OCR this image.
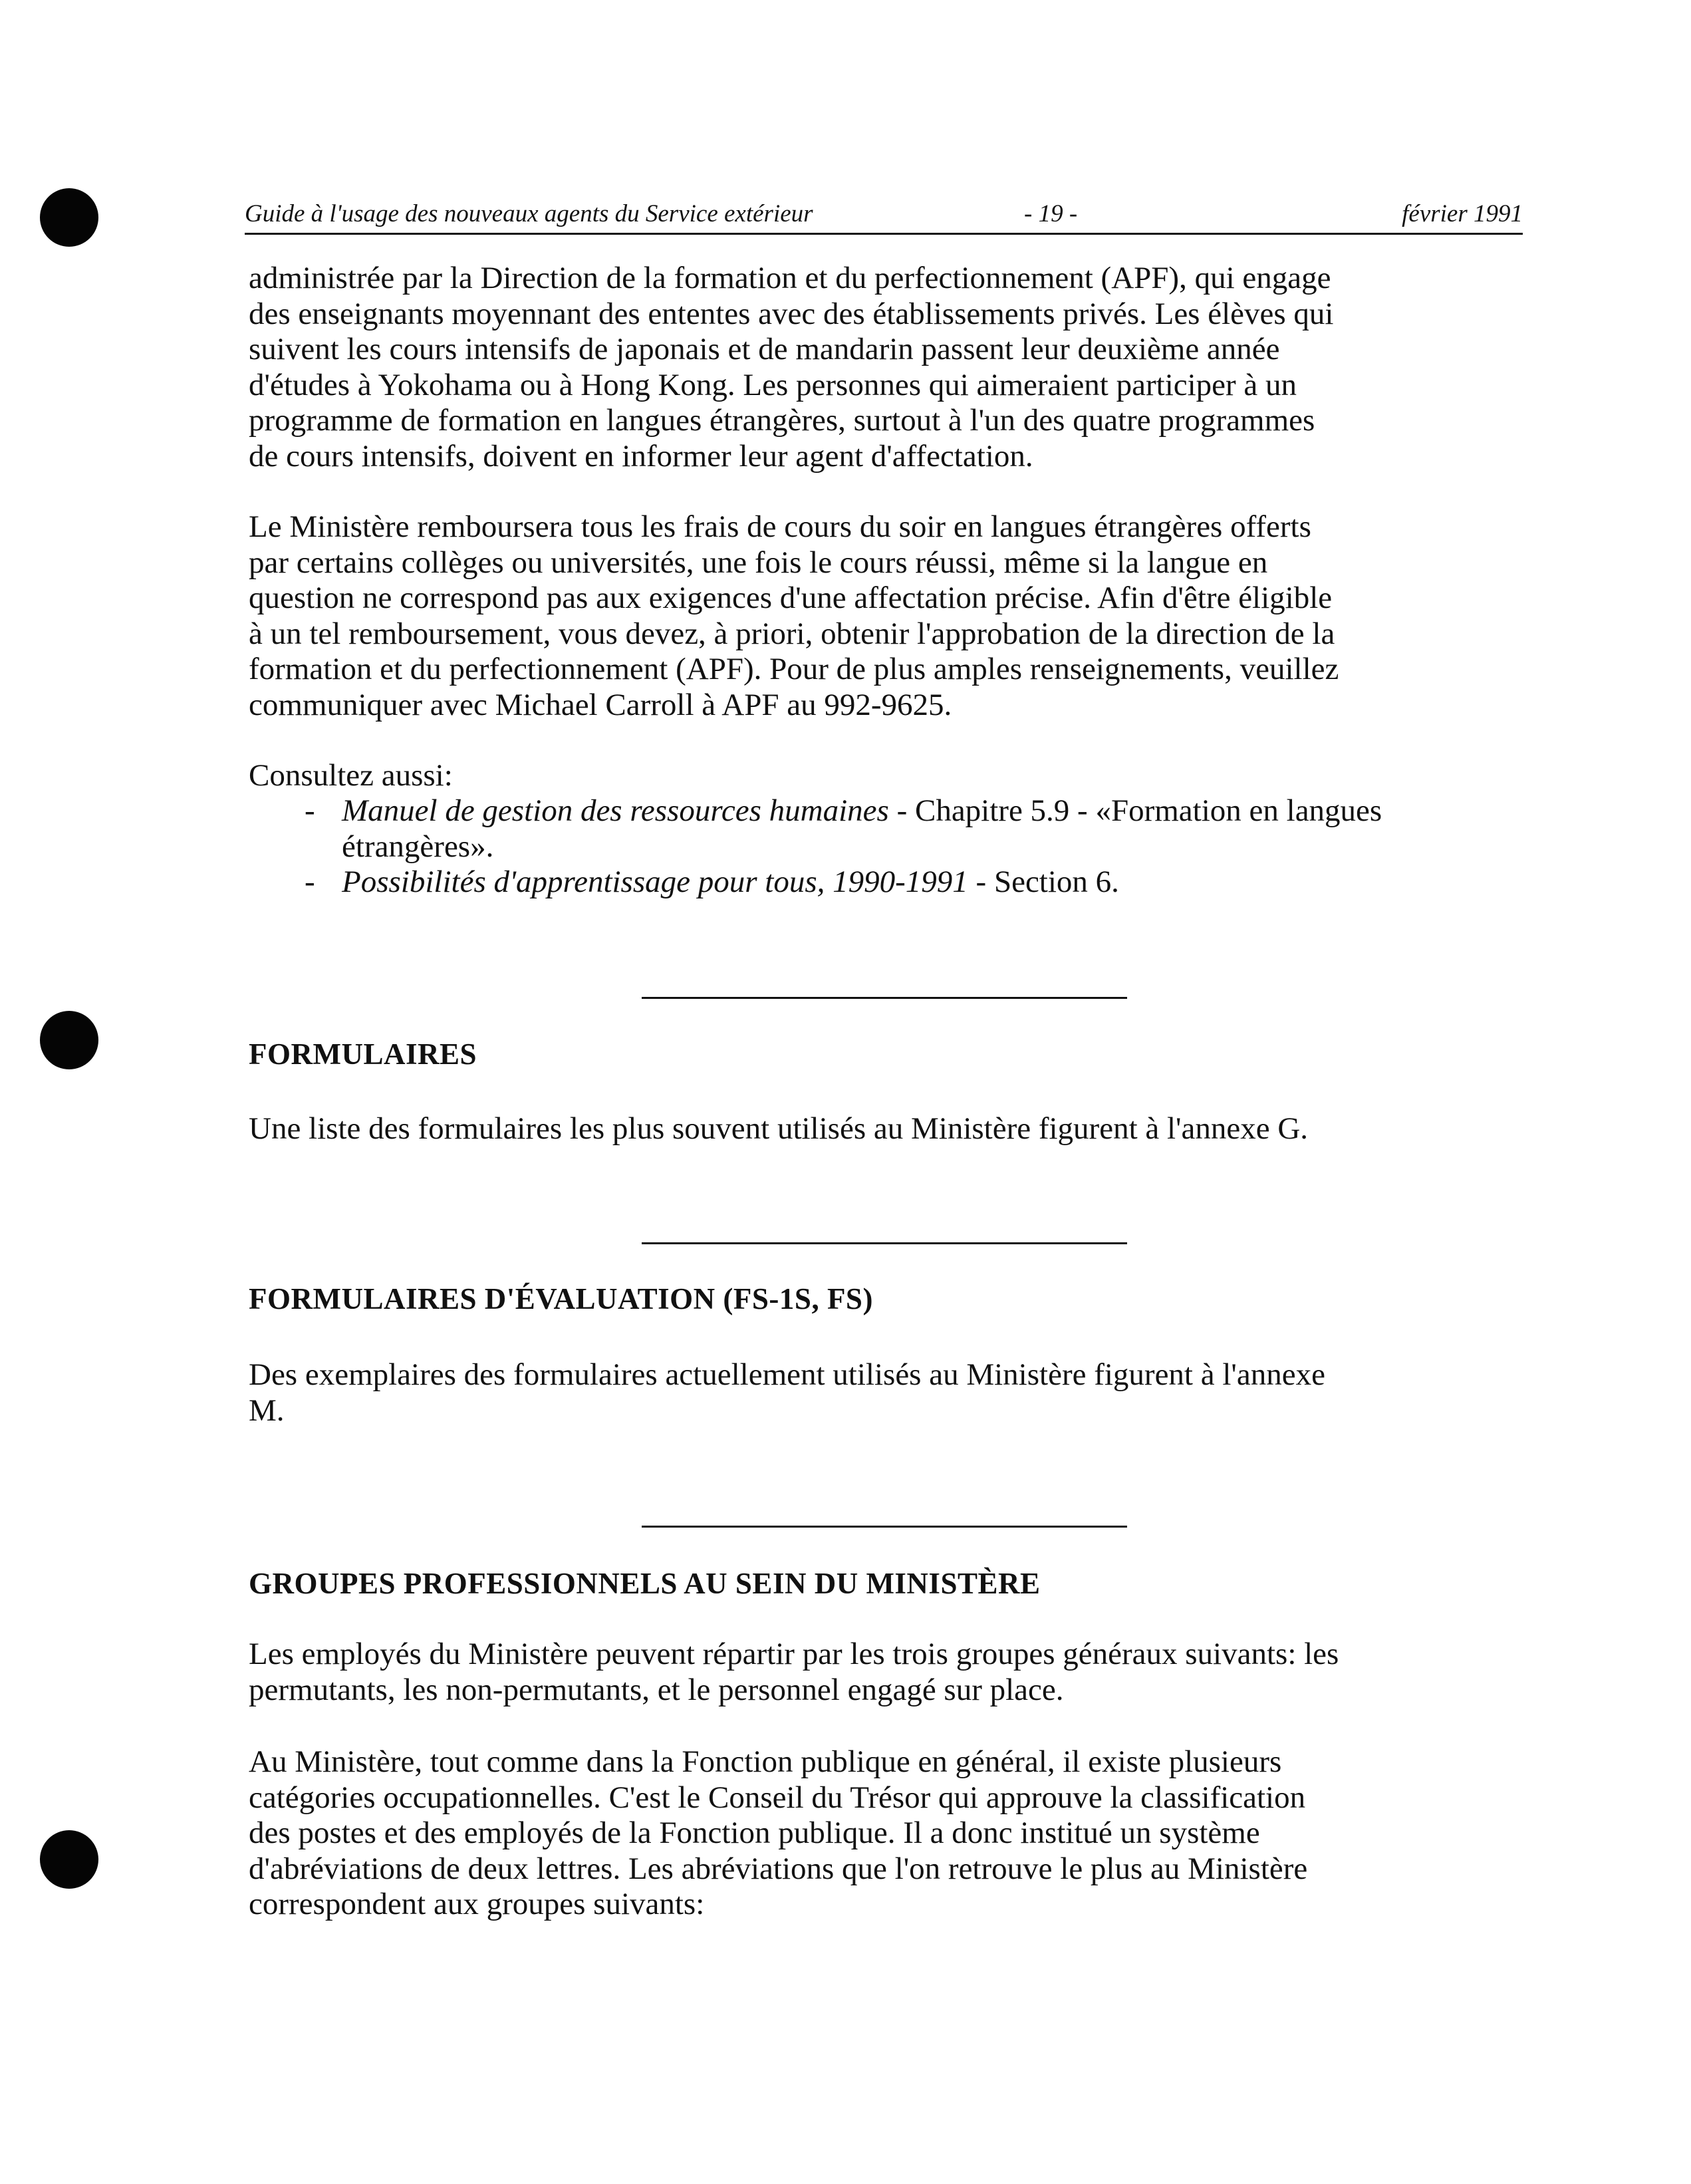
Guide à l'usage des nouveaux agents du Service extérieur	- 19 -	février 1991

administrée par la Direction de la formation et du perfectionnement (APF), qui engage

des enseignants moyennant des ententes avec des établissements privés. Les élèves qui

suivent les cours intensifs de japonais et de mandarin passent leur deuxième année

d'études à Yokohama ou à Hong Kong. Les personnes qui aimeraient participer à un

programme de formation en langues étrangères, surtout à l'un des quatre programmes

de cours intensifs, doivent en informer leur agent d'affectation.

Le Ministère remboursera tous les frais de cours du soir en langues étrangères offerts

par certains collèges ou universités, une fois le cours réussi, même si la langue en

question ne correspond pas aux exigences d'une affectation précise. Afin d'être éligible

à un tel remboursement, vous devez, à priori, obtenir l'approbation de la direction de la

formation et du perfectionnement (APF). Pour de plus amples renseignements, veuillez

communiquer avec Michael Carroll à APF au 992-9625.

Consultez aussi:

- Manuel de gestion des ressources humaines - Chapitre 5.9 - «Formation en langues
étrangères».
- Possibilités d'apprentissage pour tous, 1990-1991 - Section 6.
FORMULAIRES

Une liste des formulaires les plus souvent utilisés au Ministère figurent à l'annexe G.

FORMULAIRES D'ÉVALUATION (FS-1S, FS)

Des exemplaires des formulaires actuellement utilisés au Ministère figurent à l'annexe

M.

GROUPES PROFESSIONNELS AU SEIN DU MINISTÈRE

Les employés du Ministère peuvent répartir par les trois groupes généraux suivants: les

permutants, les non-permutants, et le personnel engagé sur place.

Au Ministère, tout comme dans la Fonction publique en général, il existe plusieurs

catégories occupationnelles. C'est le Conseil du Trésor qui approuve la classification

des postes et des employés de la Fonction publique. Il a donc institué un système

d'abréviations de deux lettres. Les abréviations que l'on retrouve le plus au Ministère

correspondent aux groupes suivants:
